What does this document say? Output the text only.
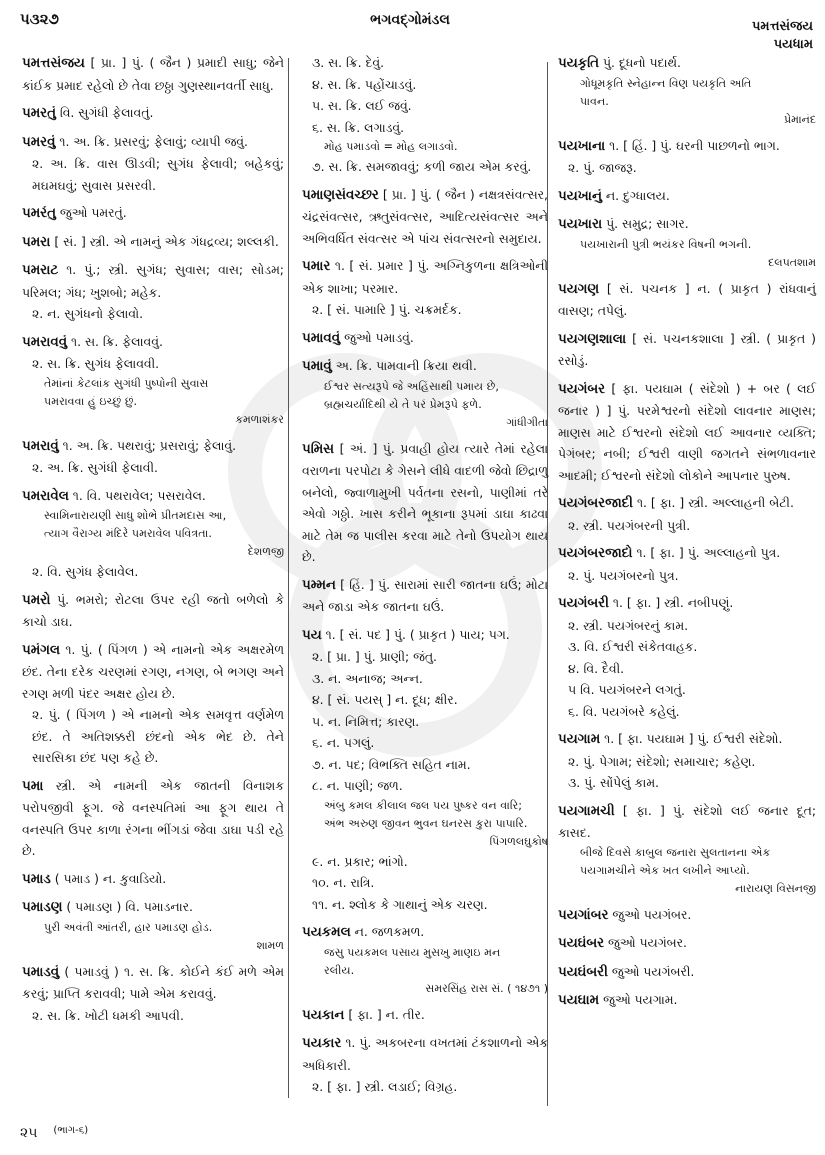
પ૩૨૭	ભગવદ્ગોમંડલ	પમત્તસંજય
પયધામ
પમત્તસંજય [ પ્રા. ] પું. ( જૈન ) પ્રમાદી સાધુ; જેને કાંઈક પ્રમાદ રહેલો છે તેવા છઠ્ઠા ગુણસ્થાનવર્તી સાધુ.
પમરતું વિ. સુગંધી ફેલાવતું.
પમરવું ૧. અ. ક્રિ. પ્રસરવું; ફેલાવું; વ્યાપી જવું.
૨. અ. ક્રિ. વાસ ઊડવી; સુગંધ ફેલાવી; બહેકવું; મઘમઘવું; સુવાસ પ્રસરવી.
પમરંતુ જુઓ પમરતું.
પમરા [ સં. ] સ્ત્રી. એ નામનું એક ગંધદ્રવ્ય; શલ્લકી.
પમરાટ ૧. પું.; સ્ત્રી. સુગંધ; સુવાસ; વાસ; સોડમ; પરિમલ; ગંધ; ખુશબો; મહેક.
૨. ન. સુગંધનો ફેલાવો.
પમરાવવું ૧. સ. ક્રિ. ફેલાવવું.
૨. સ. ક્રિ. સુગંધ ફેલાવવી.
તેમાંનાં કેટલાંક સુગંધી પુષ્પોની સુવાસ
પમરાવવા હું ઇચ્છું છું.
કમળાશંકર
પમરાવું ૧. અ. ક્રિ. પથરાવું; પ્રસરાવું; ફેલાવું.
૨. અ. ક્રિ. સુગંધી ફેલાવી.
પમરાવેલ ૧. વિ. પથરાવેલ; પસરાવેલ.
સ્વામિનારાયણી સાધુ શોભે પ્રીતમદાસ આ,
ત્યાગ વૈરાગ્ય મંદિરે પમરાવેલ પવિત્રતા.
દેશળજી
૨. વિ. સુગંધ ફેલાવેલ.
પમરો પું. ભમરો; રોટલા ઉપર રહી જતો બળેલો કે કાચો ડાઘ.
પમંગલ ૧. પું. ( પિંગળ ) એ નામનો એક અક્ષરમેળ છંદ. તેના દરેક ચરણમાં રગણ, નગણ, બે ભગણ અને રગણ મળી પંદર અક્ષર હોય છે.
૨. પું. ( પિંગળ ) એ નામનો એક સમવૃત્ત વર્ણમેળ છંદ. તે અતિશક્કરી છંદનો એક ભેદ છે. તેને સારસિકા છંદ પણ કહે છે.
પમા સ્ત્રી. એ નામની એક જાતની વિનાશક પરોપજીવી ફૂગ. જે વનસ્પતિમાં આ ફૂગ થાય તે વનસ્પતિ ઉપર કાળા રંગના ભીંગડાં જેવા ડાઘા પડી રહે છે.
પમાડ ( પમાડ ) ન. કુવાડિયો.
પમાડણ ( પમાડણ ) વિ. પમાડનાર.
પુરી અવંતી આંતરી, હાર પમાડણ હોડ.
શામળ
પમાડવું ( પમાડવું ) ૧. સ. ક્રિ. કોઈને કંઈ મળે એમ કરવું; પ્રાપ્તિ કરાવવી; પામે એમ કરાવવું.
૨. સ. ક્રિ. ખોટી ધમકી આપવી.
૩. સ. ક્રિ. દેવું.
૪. સ. ક્રિ. પહોંચાડવું.
૫. સ. ક્રિ. લઈ જવું.
૬. સ. ક્રિ. લગાડવું.
મોહ પમાડવો = મોહ લગાડવો.
૭. સ. ક્રિ. સમજાવવું; કળી જાય એમ કરવું.
પમાણસંવચ્છર [ પ્રા. ] પું. ( જૈન ) નક્ષત્રસંવત્સર, ચંદ્રસંવત્સર, ઋતુસંવત્સર, આદિત્યસંવત્સર અને અભિવર્ધિત સંવત્સર એ પાંચ સંવત્સરનો સમુદાય.
પમાર ૧. [ સં. પ્રમાર ] પું. અગ્નિકુળના ક્ષત્રિઓની એક શાખા; પરમાર.
૨. [ સં. પામારિ ] પું. ચક્રમર્દક.
પમાવવું જુઓ પમાડવું.
પમાવું અ. ક્રિ. પામવાની ક્રિયા થવી.
ઈશ્વર સત્યરૂપે જે અહિંસાથી પમાય છે,
બ્રહ્મચર્યાદિથી યે તે પરં પ્રેમરૂપે ફળે.
ગાંધીગીતા
પમિસ [ અં. ] પું. પ્રવાહી હોય ત્યારે તેમાં રહેલા વરાળના પરપોટા કે ગેસને લીધે વાદળી જેવો છિદ્રાળુ બનેલો, જ્વાળામુખી પર્વતના રસનો, પાણીમાં તરે એવો ગઠ્ઠો. ખાસ કરીને ભૂકાના રૂપમાં ડાઘા કાઢવા માટે તેમ જ પાલીસ કરવા માટે તેનો ઉપયોગ થાય છે.
પમ્મન [ હિં. ] પું. સારામાં સારી જાતના ઘઉં; મોટા અને જાડા એક જાતના ઘઉં.
પય ૧. [ સં. પદ ] પું. ( પ્રાકૃત ) પાય; પગ.
૨. [ પ્રા. ] પું. પ્રાણી; જંતુ.
૩. ન. અનાજ; અન્ન.
૪. [ સં. પયસ્ ] ન. દૂધ; ક્ષીર.
૫. ન. નિમિત્ત; કારણ.
૬. ન. પગલું.
૭. ન. પદ; વિભક્તિ સહિત નામ.
૮. ન. પાણી; જળ.
અંબુ કમલ કીલાલ જલ પય પુષ્કર વન વારિ;
અંભ અરુણ જીવન ભુવન ઘનરસ કુરા પાપારિ.
પિંગળલઘુકોષ
૯. ન. પ્રકાર; ભાંગો.
૧૦. ન. રાત્રિ.
૧૧. ન. શ્લોક કે ગાથાનું એક ચરણ.
પયકમલ ન. જળકમળ.
જસુ પયકમલ પસાય મુસખુ માણઇ મન
રલીય.
સમરસિંહ રાસ સં. ( ૧૪૭૧ )
પયકાન [ ફા. ] ન. તીર.
પયકાર ૧. પું. અકબરના વખતમાં ટંકશાળનો એક અધિકારી.
૨. [ ફા. ] સ્ત્રી. લડાઈ; વિગ્રહ.
પયકૃતિ પું. દૂધનો પદાર્થ.
ગોધૂમકૃતિ સ્નેહાન્ન વિણ પયકૃતિ અતિ
પાવન.
પ્રેમાનંદ
પયખાના ૧. [ હિં. ] પું. ઘરની પાછળનો ભાગ.
૨. પું. જાજરૂ.
પયખાનું ન. દુગ્ધાલય.
પયખારા પું. સમુદ્ર; સાગર.
પયખારાની પુત્રી ભયંકર વિષની ભગની.
દલપતશામ
પયગણ [ સં. પચનક ] ન. ( પ્રાકૃત ) રાંધવાનું વાસણ; તપેલું.
પયગણશાલા [ સં. પચનકશાલા ] સ્ત્રી. ( પ્રાકૃત ) રસોડું.
પયગંબર [ ફા. પયઘામ ( સંદેશો ) + બર ( લઈ જનાર ) ] પું. પરમેશ્વરનો સંદેશો લાવનાર માણસ; માણસ માટે ઈશ્વરનો સંદેશો લઈ આવનાર વ્યક્તિ; પેગંબર; નબી; ઈશ્વરી વાણી જગતને સંભળાવનાર આદમી; ઈશ્વરનો સંદેશો લોકોને આપનાર પુરુષ.
પયગંબરજાદી ૧. [ ફા. ] સ્ત્રી. અલ્લાહની બેટી.
૨. સ્ત્રી. પયગંબરની પુત્રી.
પયગંબરજાદો ૧. [ ફા. ] પું. અલ્લાહનો પુત્ર.
૨. પું. પયગંબરનો પુત્ર.
પયગંબરી ૧. [ ફા. ] સ્ત્રી. નબીપણું.
૨. સ્ત્રી. પયગંબરનું કામ.
૩. વિ. ઈશ્વરી સંકેતવાહક.
૪. વિ. દૈવી.
૫ વિ. પયગંબરને લગતું.
૬. વિ. પયગંબરે કહેલું.
પયગામ ૧. [ ફા. પયઘામ ] પું. ઈશ્વરી સંદેશો.
૨. પું. પેગામ; સંદેશો; સમાચાર; કહેણ.
૩. પું. સોંપેલું કામ.
પયગામચી [ ફા. ] પું. સંદેશો લઈ જનાર દૂત; કાસદ.
બીજે દિવસે કાબુલ જનારા સુલતાનના એક
પયગામચીને એક ખત લખીને આપ્યો.
નારાયણ વિસનજી
પયગાંબર જુઓ પયગંબર.
પયઘંબર જુઓ પયગંબર.
પયઘંબરી જુઓ પયગંબરી.
પયઘામ જુઓ પયગામ.
૨૫ $^{(ભાગ-૬)}$
